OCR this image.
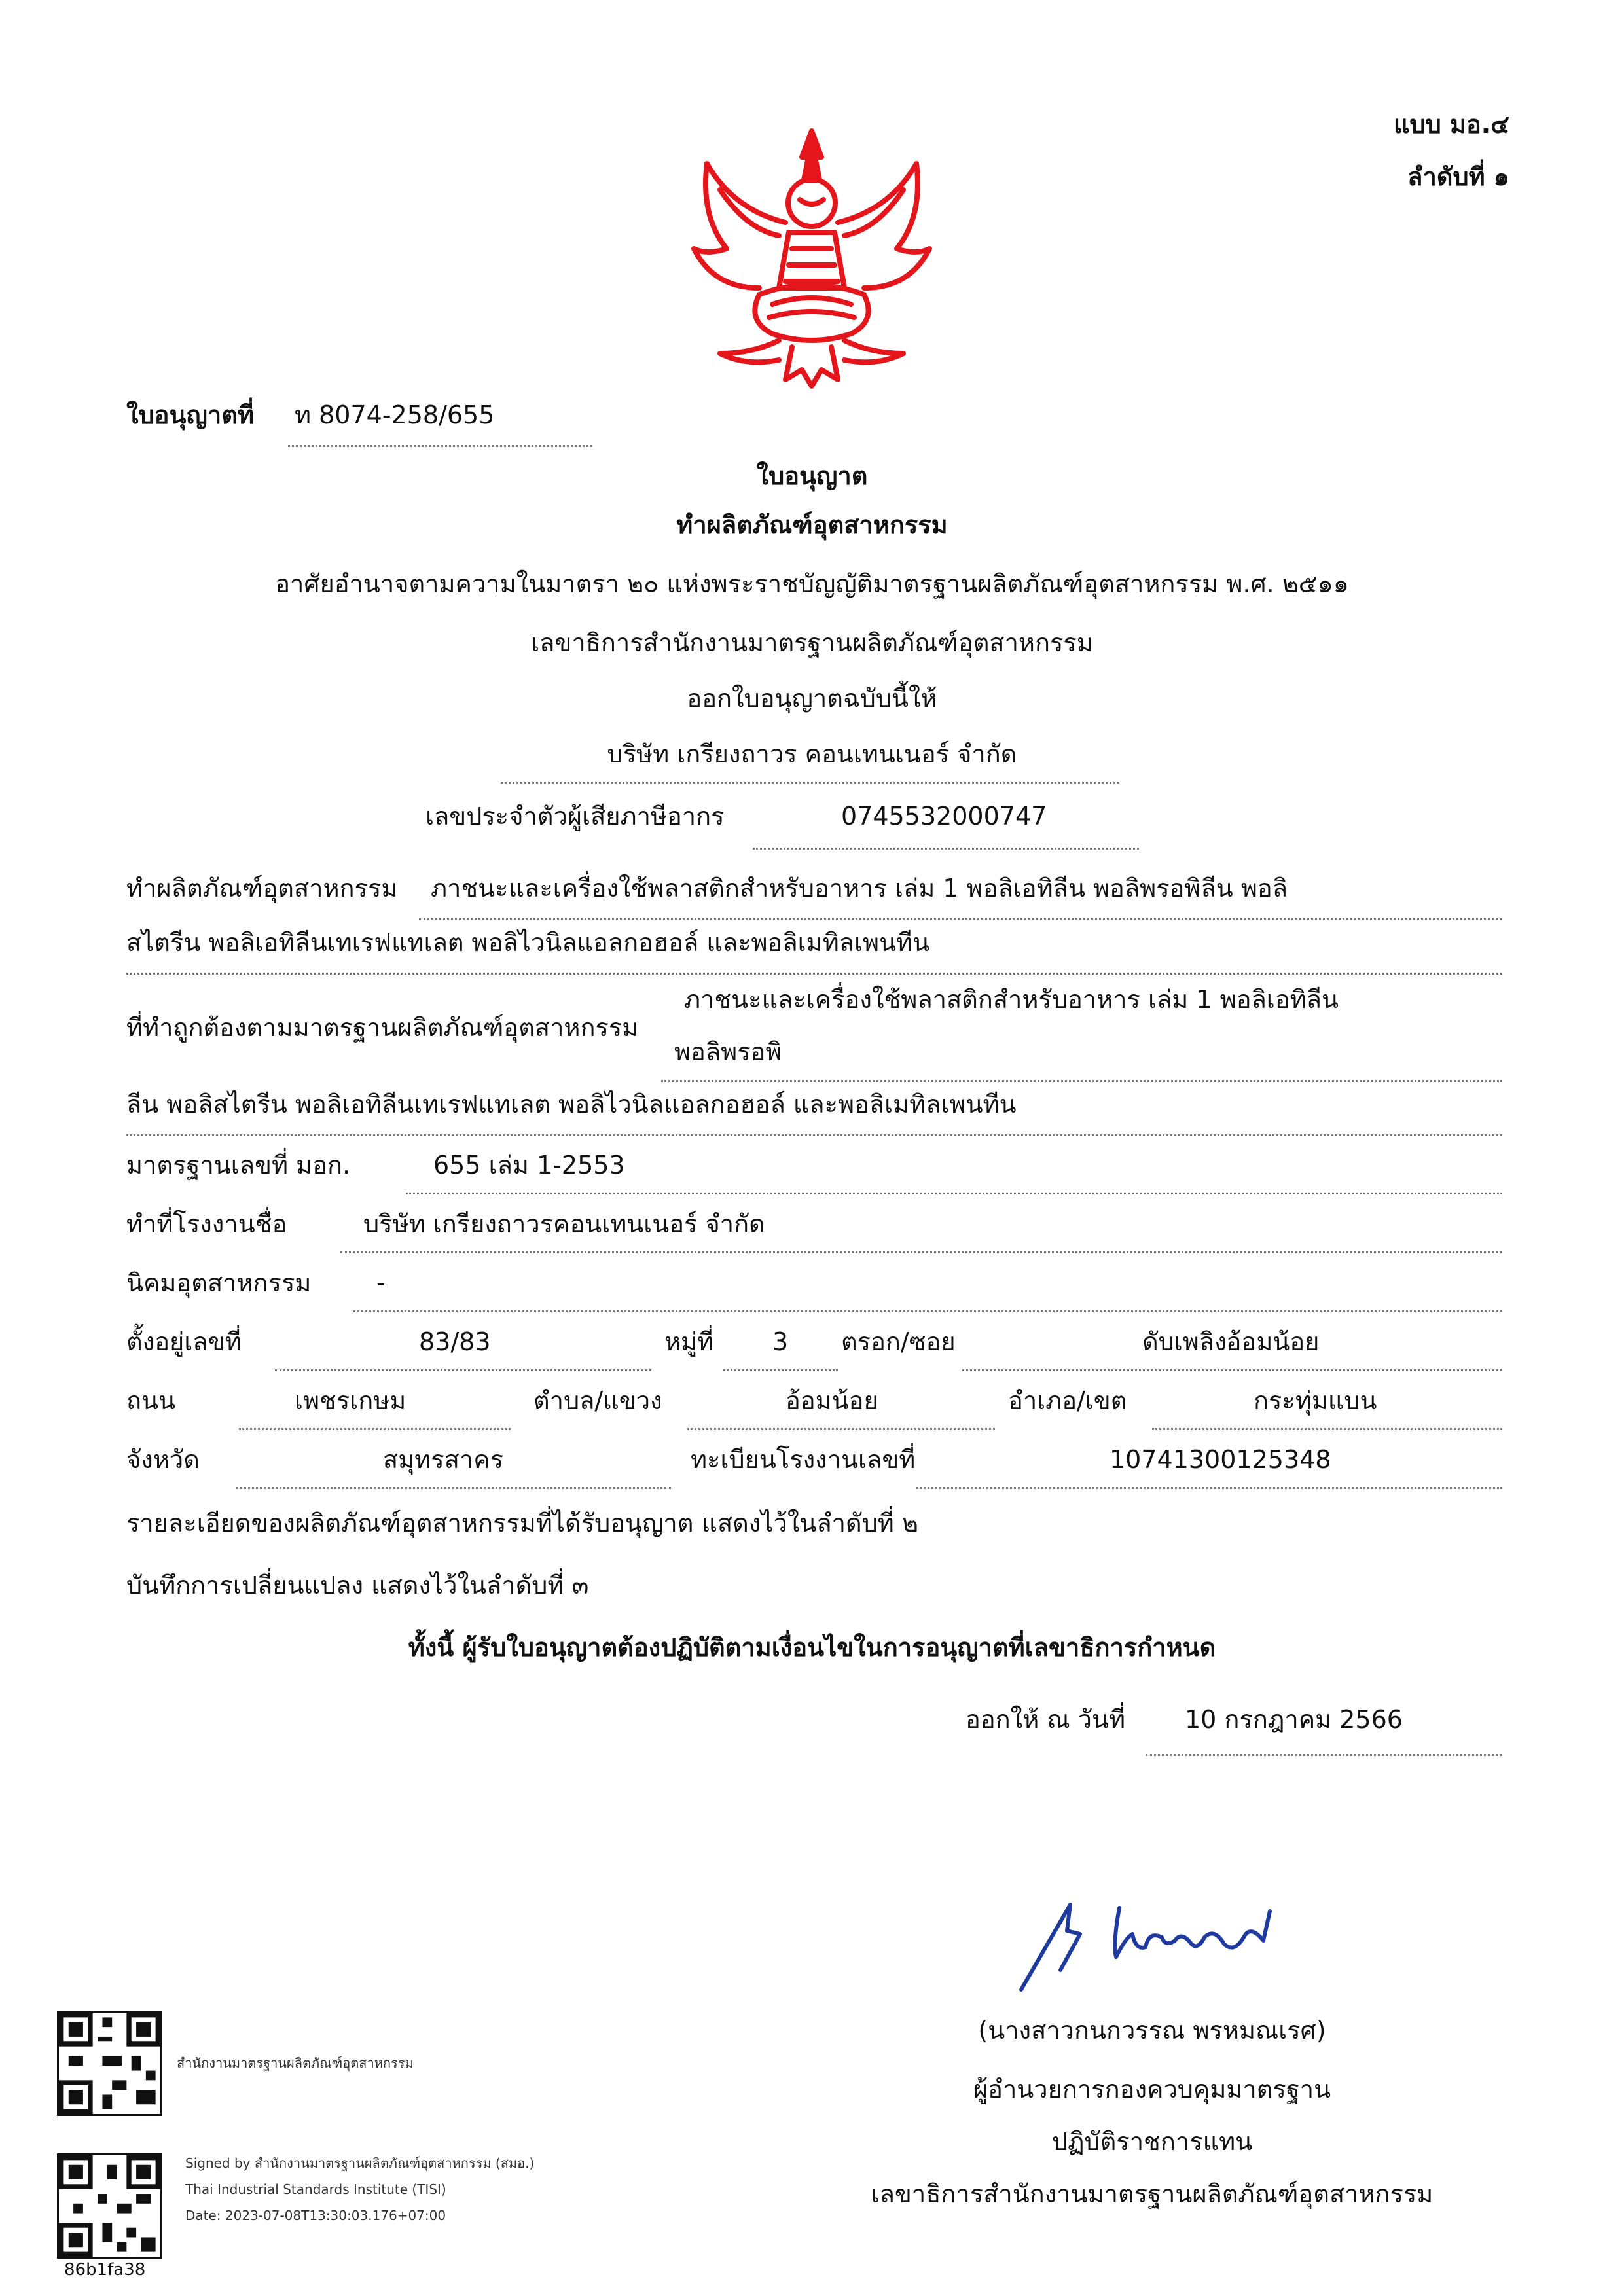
แบบ มอ.๔
ลำดับที่ ๑
ใบอนุญาตที่ ท 8074-258/655
ใบอนุญาต
ทำผลิตภัณฑ์อุตสาหกรรม
อาศัยอำนาจตามความในมาตรา ๒๐ แห่งพระราชบัญญัติมาตรฐานผลิตภัณฑ์อุตสาหกรรม พ.ศ. ๒๕๑๑
เลขาธิการสำนักงานมาตรฐานผลิตภัณฑ์อุตสาหกรรม
ออกใบอนุญาตฉบับนี้ให้
บริษัท เกรียงถาวร คอนเทนเนอร์ จำกัด
เลขประจำตัวผู้เสียภาษีอากร	0745532000747
ทำผลิตภัณฑ์อุตสาหกรรม ภาชนะและเครื่องใช้พลาสติกสำหรับอาหาร เล่ม 1 พอลิเอทิลีน พอลิพรอพิลีน พอลิ
สไตรีน พอลิเอทิลีนเทเรฟแทเลต พอลิไวนิลแอลกอฮอล์ และพอลิเมทิลเพนทีน
ที่ทำถูกต้องตามมาตรฐานผลิตภัณฑ์อุตสาหกรรม
ภาชนะและเครื่องใช้พลาสติกสำหรับอาหาร เล่ม 1 พอลิเอทิลีน
พอลิพรอพิ
ลีน พอลิสไตรีน พอลิเอทิลีนเทเรฟแทเลต พอลิไวนิลแอลกอฮอล์ และพอลิเมทิลเพนทีน
มาตรฐานเลขที่ มอก.	655 เล่ม 1-2553
ทำที่โรงงานชื่อ	บริษัท เกรียงถาวรคอนเทนเนอร์ จำกัด
นิคมอุตสาหกรรม	-
ตั้งอยู่เลขที่	83/83	หมู่ที่ 3 ตรอก/ซอย	ดับเพลิงอ้อมน้อย
ถนน	เพชรเกษม	ตำบล/แขวง	อ้อมน้อย	อำเภอ/เขต	กระทุ่มแบน
จังหวัด	สมุทรสาคร	ทะเบียนโรงงานเลขที่	10741300125348
รายละเอียดของผลิตภัณฑ์อุตสาหกรรมที่ได้รับอนุญาต แสดงไว้ในลำดับที่ ๒
บันทึกการเปลี่ยนแปลง แสดงไว้ในลำดับที่ ๓
ทั้งนี้ ผู้รับใบอนุญาตต้องปฏิบัติตามเงื่อนไขในการอนุญาตที่เลขาธิการกำหนด
ออกให้ ณ วันที่ 10 กรกฎาคม 2566
(นางสาวกนกวรรณ พรหมณเรศ)
ผู้อำนวยการกองควบคุมมาตรฐาน
ปฏิบัติราชการแทน
เลขาธิการสำนักงานมาตรฐานผลิตภัณฑ์อุตสาหกรรม
สำนักงานมาตรฐานผลิตภัณฑ์อุตสาหกรรม
Signed by สำนักงานมาตรฐานผลิตภัณฑ์อุตสาหกรรม (สมอ.)
Thai Industrial Standards Institute (TISI)
Date: 2023-07-08T13:30:03.176+07:00
86b1fa38
